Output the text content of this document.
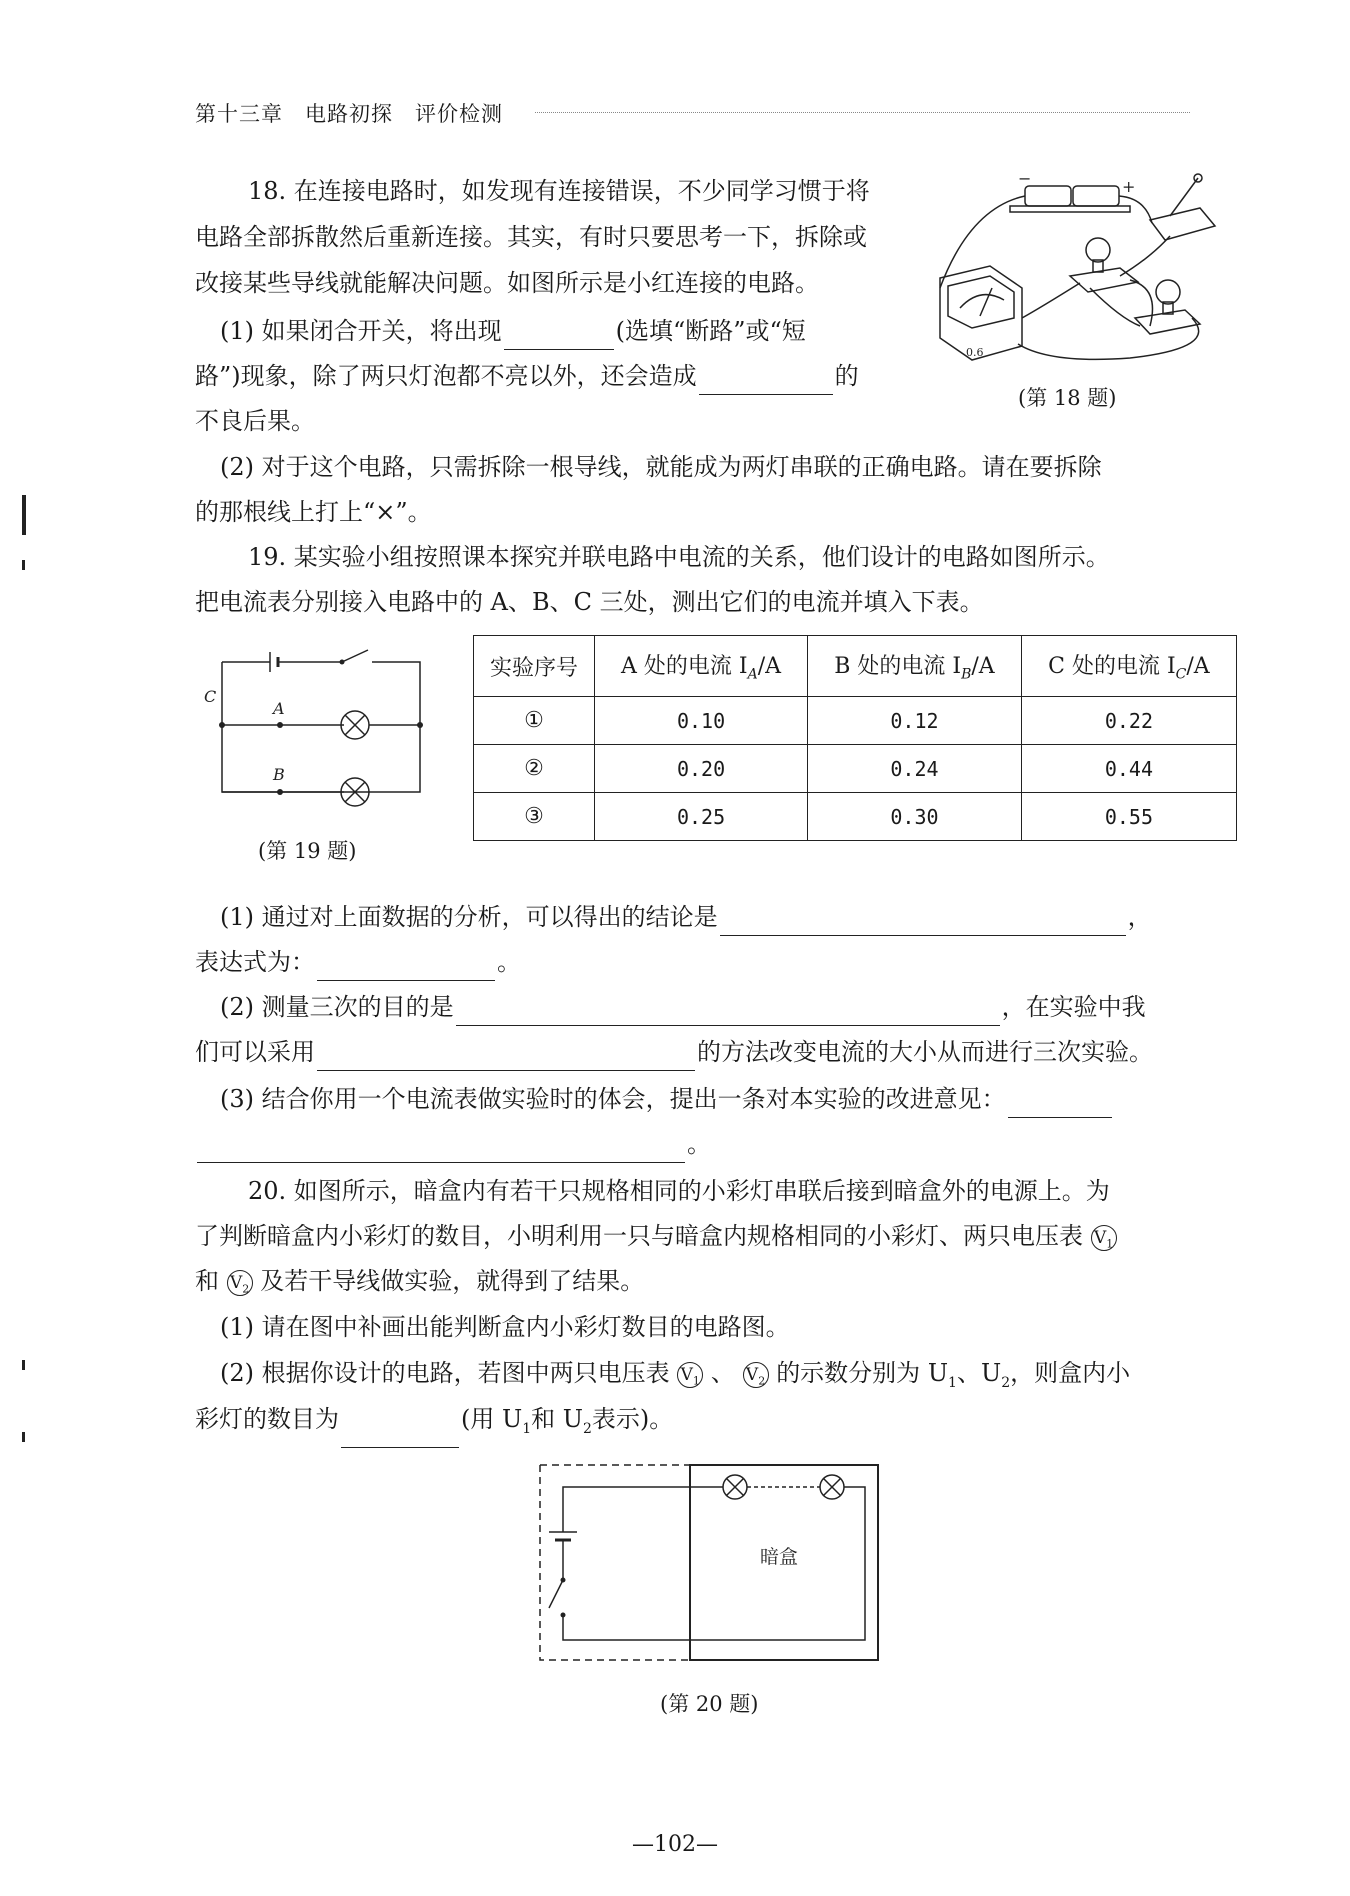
第十三章　电路初探　评价检测
18. 在连接电路时，如发现有连接错误，不少同学习惯于将
电路全部拆散然后重新连接。其实，有时只要思考一下，拆除或
改接某些导线就能解决问题。如图所示是小红连接的电路。
(1) 如果闭合开关，将出现	(选填“断路”或“短
路”)现象，除了两只灯泡都不亮以外，还会造成	的
不良后果。
(2) 对于这个电路，只需拆除一根导线，就能成为两灯串联的正确电路。请在要拆除
的那根线上打上“×”。
−	+
0.6
(第 18 题)
19. 某实验小组按照课本探究并联电路中电流的关系，他们设计的电路如图所示。
把电流表分别接入电路中的 A、B、C 三处，测出它们的电流并填入下表。
C
A
B
(第 19 题)
实验序号	A 处的电流 $I_A/A$	B 处的电流 $I_B/A$	C 处的电流 $I_C/A$
①	0.10	0.12	0.22
②	0.20	0.24	0.44
③	0.25	0.30	0.55
(1) 通过对上面数据的分析，可以得出的结论是	，
表达式为：	。
(2) 测量三次的目的是	，在实验中我
们可以采用	的方法改变电流的大小从而进行三次实验。
(3) 结合你用一个电流表做实验时的体会，提出一条对本实验的改进意见：
。
20. 如图所示，暗盒内有若干只规格相同的小彩灯串联后接到暗盒外的电源上。为
了判断暗盒内小彩灯的数目，小明利用一只与暗盒内规格相同的小彩灯、两只电压表 $V_1$
和 $V_2$ 及若干导线做实验，就得到了结果。
(1) 请在图中补画出能判断盒内小彩灯数目的电路图。
(2) 根据你设计的电路，若图中两只电压表 $V_1$ 、 $V_2$ 的示数分别为 $U_1$、$U_2$，则盒内小
彩灯的数目为	(用 $U_1$和 $U_2$表示)。
暗盒
(第 20 题)
—102—
